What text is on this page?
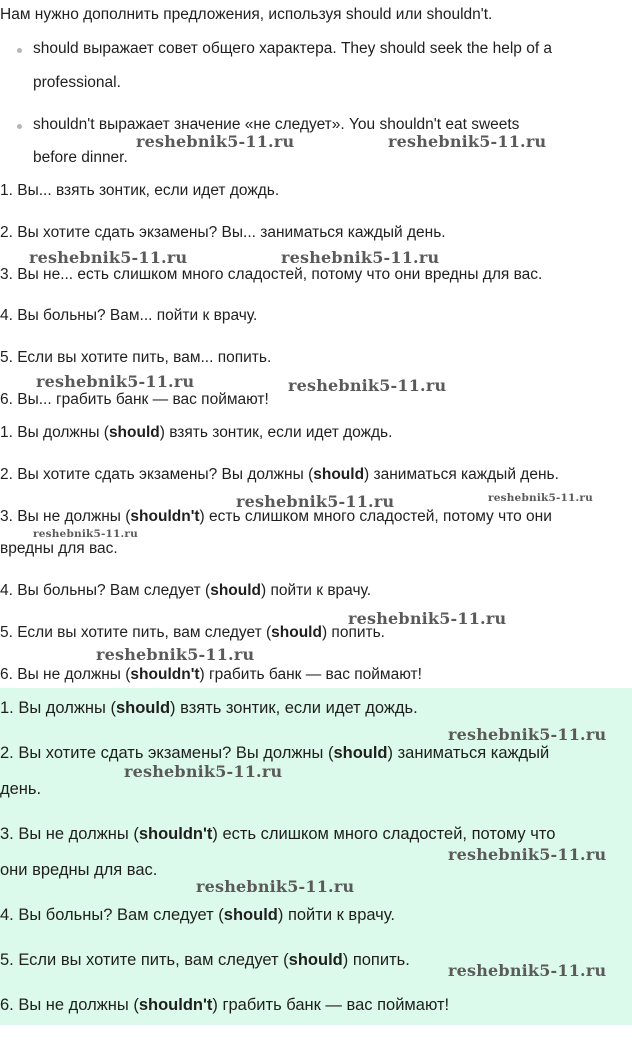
Нам нужно дополнить предложения, используя should или shouldn't.
should выражает совет общего характера. They should seek the help of a
professional.
shouldn't выражает значение «не следует». You shouldn't eat sweets
before dinner.
1. Вы... взять зонтик, если идет дождь.
2. Вы хотите сдать экзамены? Вы... заниматься каждый день.
3. Вы не... есть слишком много сладостей, потому что они вредны для вас.
4. Вы больны? Вам... пойти к врачу.
5. Если вы хотите пить, вам... попить.
6. Вы... грабить банк — вас поймают!
1. Вы должны (should) взять зонтик, если идет дождь.
2. Вы хотите сдать экзамены? Вы должны (should) заниматься каждый день.
3. Вы не должны (shouldn't) есть слишком много сладостей, потому что они
вредны для вас.
4. Вы больны? Вам следует (should) пойти к врачу.
5. Если вы хотите пить, вам следует (should) попить.
6. Вы не должны (shouldn't) грабить банк — вас поймают!
1. Вы должны (should) взять зонтик, если идет дождь.
2. Вы хотите сдать экзамены? Вы должны (should) заниматься каждый
день.
3. Вы не должны (shouldn't) есть слишком много сладостей, потому что
они вредны для вас.
4. Вы больны? Вам следует (should) пойти к врачу.
5. Если вы хотите пить, вам следует (should) попить.
6. Вы не должны (shouldn't) грабить банк — вас поймают!
reshebnik5-11.ru	reshebnik5-11.ru
reshebnik5-11.ru	reshebnik5-11.ru
reshebnik5-11.ru	reshebnik5-11.ru
reshebnik5-11.ru	reshebnik5-11.ru
reshebnik5-11.ru
reshebnik5-11.ru
reshebnik5-11.ru
reshebnik5-11.ru
reshebnik5-11.ru
reshebnik5-11.ru
reshebnik5-11.ru
reshebnik5-11.ru
